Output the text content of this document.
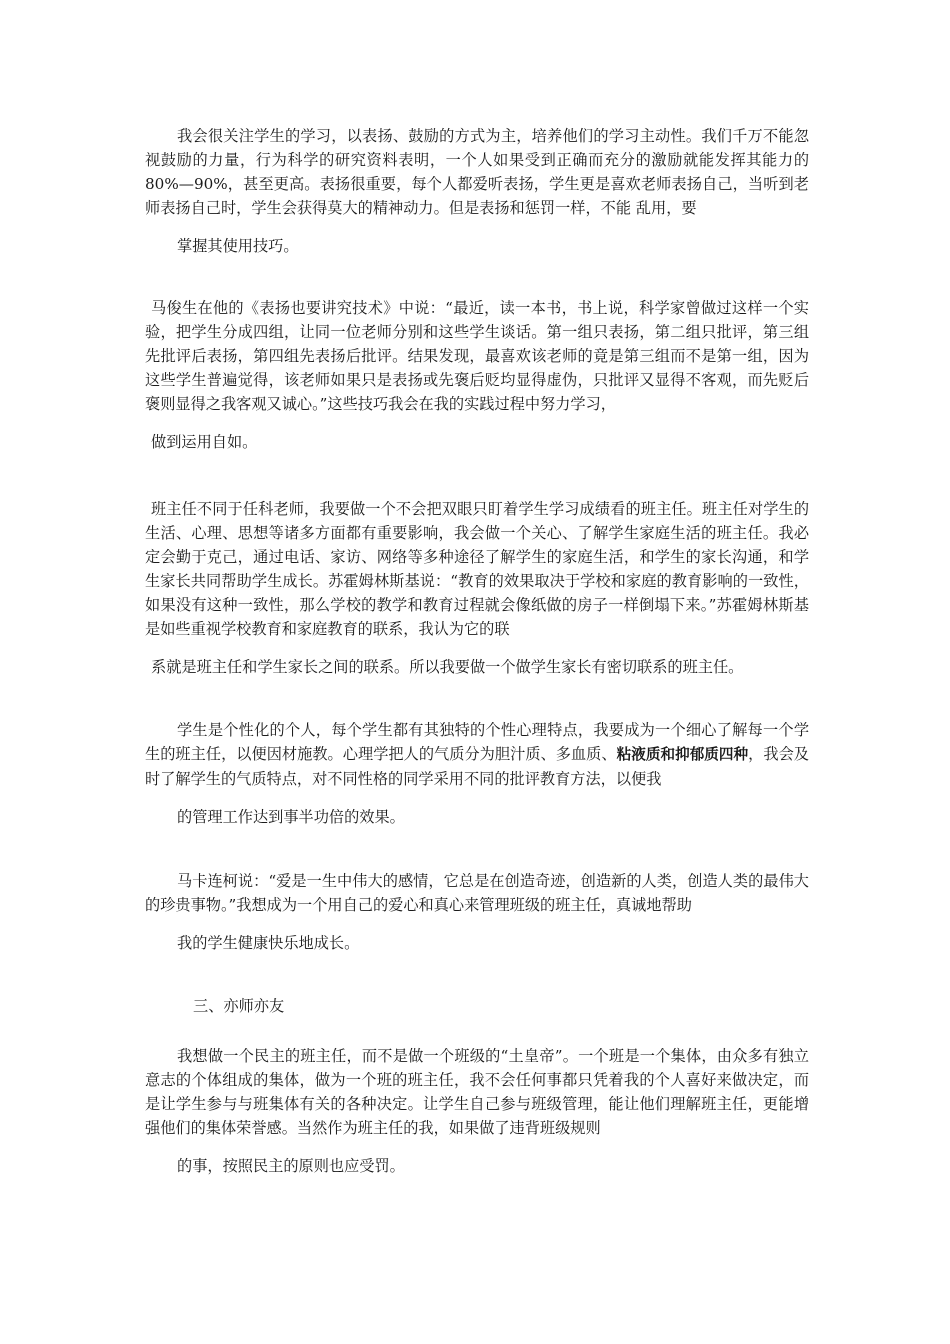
我会很关注学生的学习，以表扬、鼓励的方式为主，培养他们的学习主动性。我们千万不能忽视鼓励的力量，行为科学的研究资料表明，一个人如果受到正确而充分的激励就能发挥其能力的80%—90%，甚至更高。表扬很重要，每个人都爱听表扬，学生更是喜欢老师表扬自己，当听到老师表扬自己时，学生会获得莫大的精神动力。但是表扬和惩罚一样，不能 乱用，要
掌握其使用技巧。

马俊生在他的《表扬也要讲究技术》中说：“最近，读一本书，书上说，科学家曾做过这样一个实验，把学生分成四组，让同一位老师分别和这些学生谈话。第一组只表扬，第二组只批评，第三组先批评后表扬，第四组先表扬后批评。结果发现，最喜欢该老师的竟是第三组而不是第一组，因为这些学生普遍觉得，该老师如果只是表扬或先褒后贬均显得虚伪，只批评又显得不客观，而先贬后褒则显得之我客观又诚心。”这些技巧我会在我的实践过程中努力学习，
做到运用自如。

班主任不同于任科老师，我要做一个不会把双眼只盯着学生学习成绩看的班主任。班主任对学生的生活、心理、思想等诸多方面都有重要影响，我会做一个关心、了解学生家庭生活的班主任。我必定会勤于克己，通过电话、家访、网络等多种途径了解学生的家庭生活，和学生的家长沟通，和学生家长共同帮助学生成长。苏霍姆林斯基说：“教育的效果取决于学校和家庭的教育影响的一致性，如果没有这种一致性，那么学校的教学和教育过程就会像纸做的房子一样倒塌下来。”苏霍姆林斯基是如些重视学校教育和家庭教育的联系，我认为它的联
系就是班主任和学生家长之间的联系。所以我要做一个做学生家长有密切联系的班主任。

学生是个性化的个人，每个学生都有其独特的个性心理特点，我要成为一个细心了解每一个学生的班主任，以便因材施教。心理学把人的气质分为胆汁质、多血质、粘液质和抑郁质四种，我会及时了解学生的气质特点，对不同性格的同学采用不同的批评教育方法，以便我
的管理工作达到事半功倍的效果。

马卡连柯说：“爱是一生中伟大的感情，它总是在创造奇迹，创造新的人类，创造人类的最伟大的珍贵事物。”我想成为一个用自己的爱心和真心来管理班级的班主任，真诚地帮助
我的学生健康快乐地成长。

三、亦师亦友

我想做一个民主的班主任，而不是做一个班级的“土皇帝”。一个班是一个集体，由众多有独立意志的个体组成的集体，做为一个班的班主任，我不会任何事都只凭着我的个人喜好来做决定，而是让学生参与与班集体有关的各种决定。让学生自己参与班级管理，能让他们理解班主任，更能增强他们的集体荣誉感。当然作为班主任的我，如果做了违背班级规则
的事，按照民主的原则也应受罚。
